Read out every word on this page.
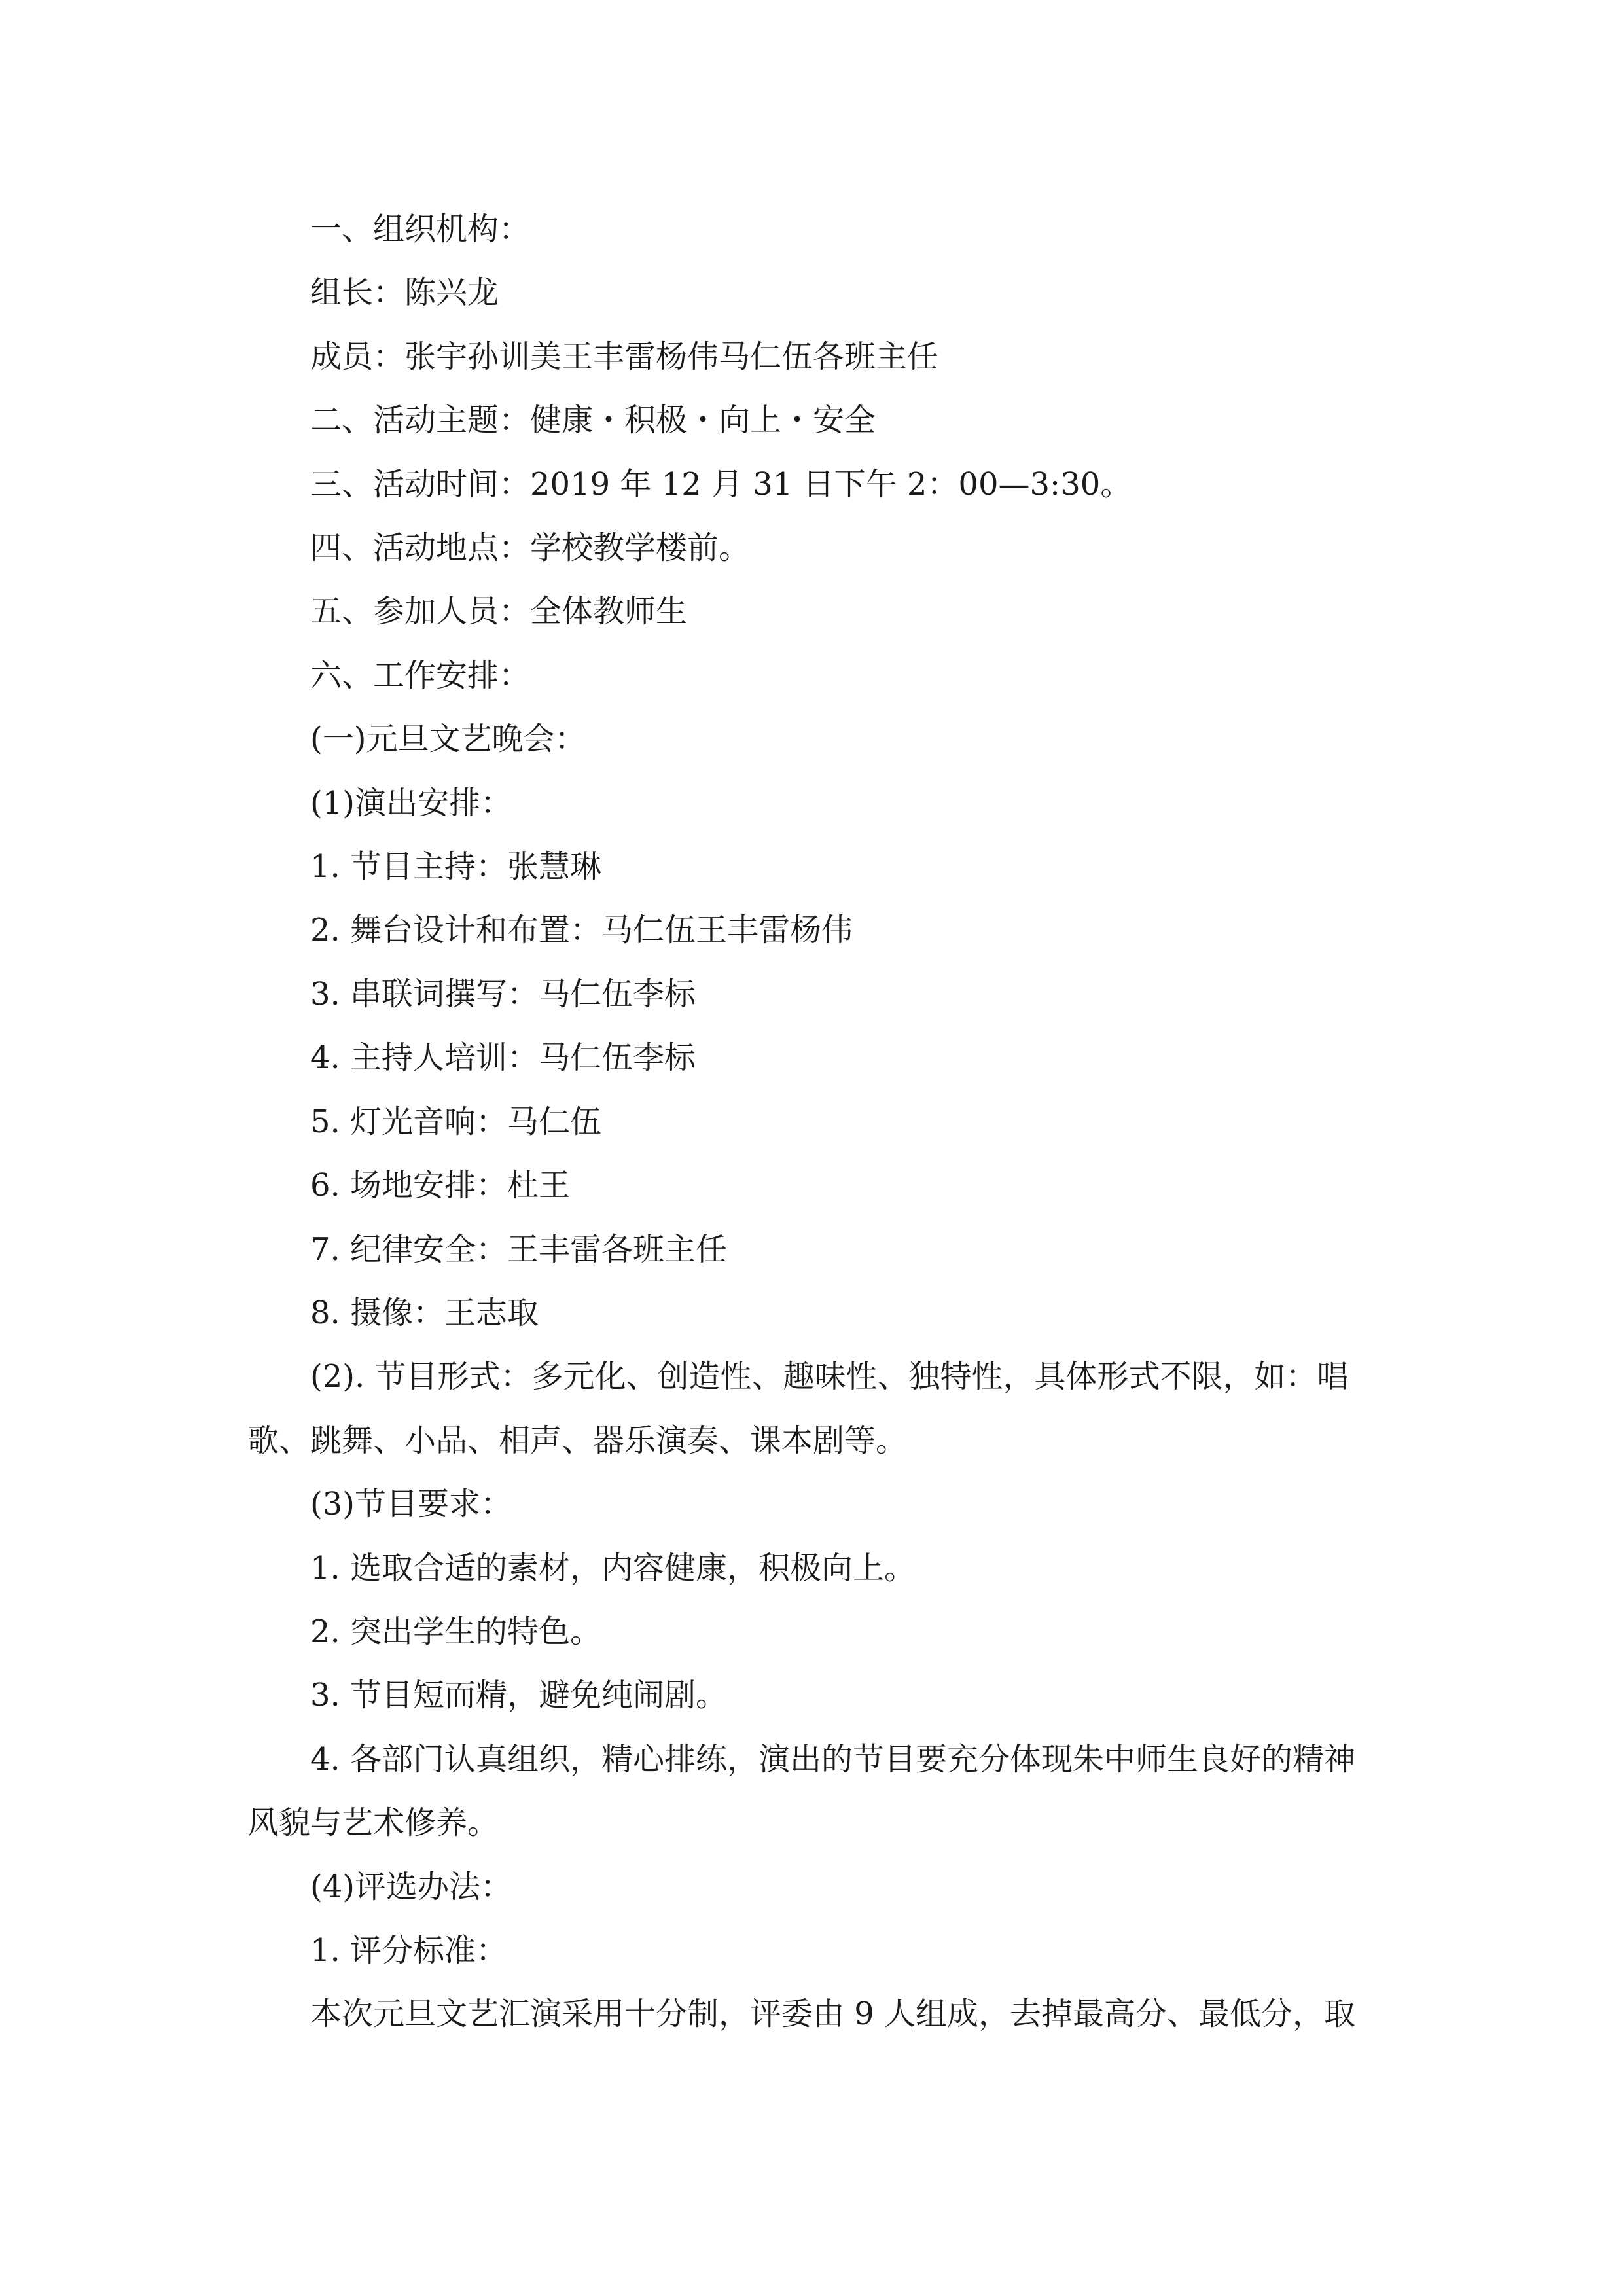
一、组织机构：
组长：陈兴龙
成员：张宇孙训美王丰雷杨伟马仁伍各班主任
二、活动主题：健康・积极・向上・安全
三、活动时间：2019 年 12 月 31 日下午 2：00—3:30。
四、活动地点：学校教学楼前。
五、参加人员：全体教师生
六、工作安排：
(一)元旦文艺晚会：
(1)演出安排：
1. 节目主持：张慧琳
2. 舞台设计和布置：马仁伍王丰雷杨伟
3. 串联词撰写：马仁伍李标
4. 主持人培训：马仁伍李标
5. 灯光音响：马仁伍
6. 场地安排：杜王
7. 纪律安全：王丰雷各班主任
8. 摄像：王志取
(2). 节目形式：多元化、创造性、趣味性、独特性，具体形式不限，如：唱歌、跳舞、小品、相声、器乐演奏、课本剧等。
(3)节目要求：
1. 选取合适的素材，内容健康，积极向上。
2. 突出学生的特色。
3. 节目短而精，避免纯闹剧。
4. 各部门认真组织，精心排练，演出的节目要充分体现朱中师生良好的精神风貌与艺术修养。
(4)评选办法：
1. 评分标准：
本次元旦文艺汇演采用十分制，评委由 9 人组成，去掉最高分、最低分，取
